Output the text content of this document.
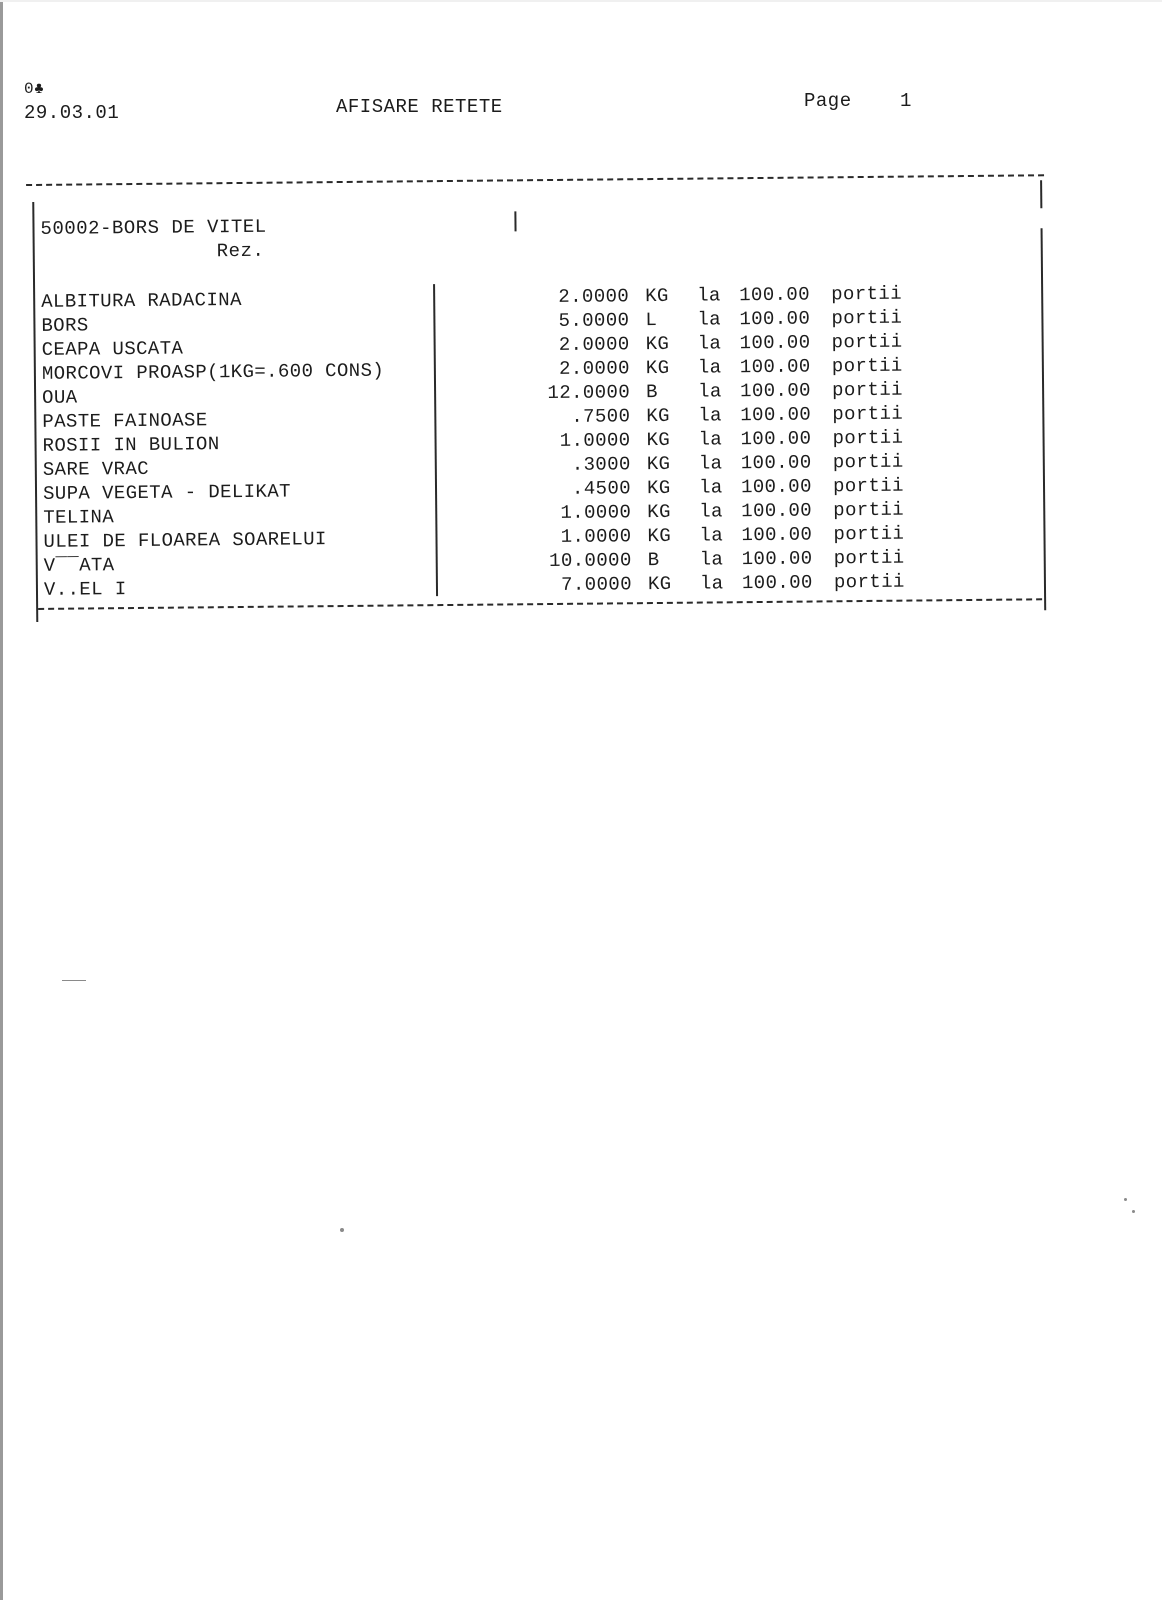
0♣
29.03.01	AFISARE RETETE	Page	1
50002-BORS DE VITEL
Rez.
ALBITURA RADACINA	2.0000 KG la 100.00 portii
BORS	5.0000 L la 100.00 portii
CEAPA USCATA	2.0000 KG la 100.00 portii
MORCOVI PROASP(1KG=.600 CONS)	2.0000 KG la 100.00 portii
OUA	12.0000 B la 100.00 portii
PASTE FAINOASE	.7500 KG la 100.00 portii
ROSII IN BULION	1.0000 KG la 100.00 portii
SARE VRAC	.3000 KG la 100.00 portii
SUPA VEGETA - DELIKAT	.4500 KG la 100.00 portii
TELINA	1.0000 KG la 100.00 portii
ULEI DE FLOAREA SOARELUI	1.0000 KG la 100.00 portii
V‾‾ATA	10.0000 B la 100.00 portii
V..EL I	7.0000 KG la 100.00 portii
